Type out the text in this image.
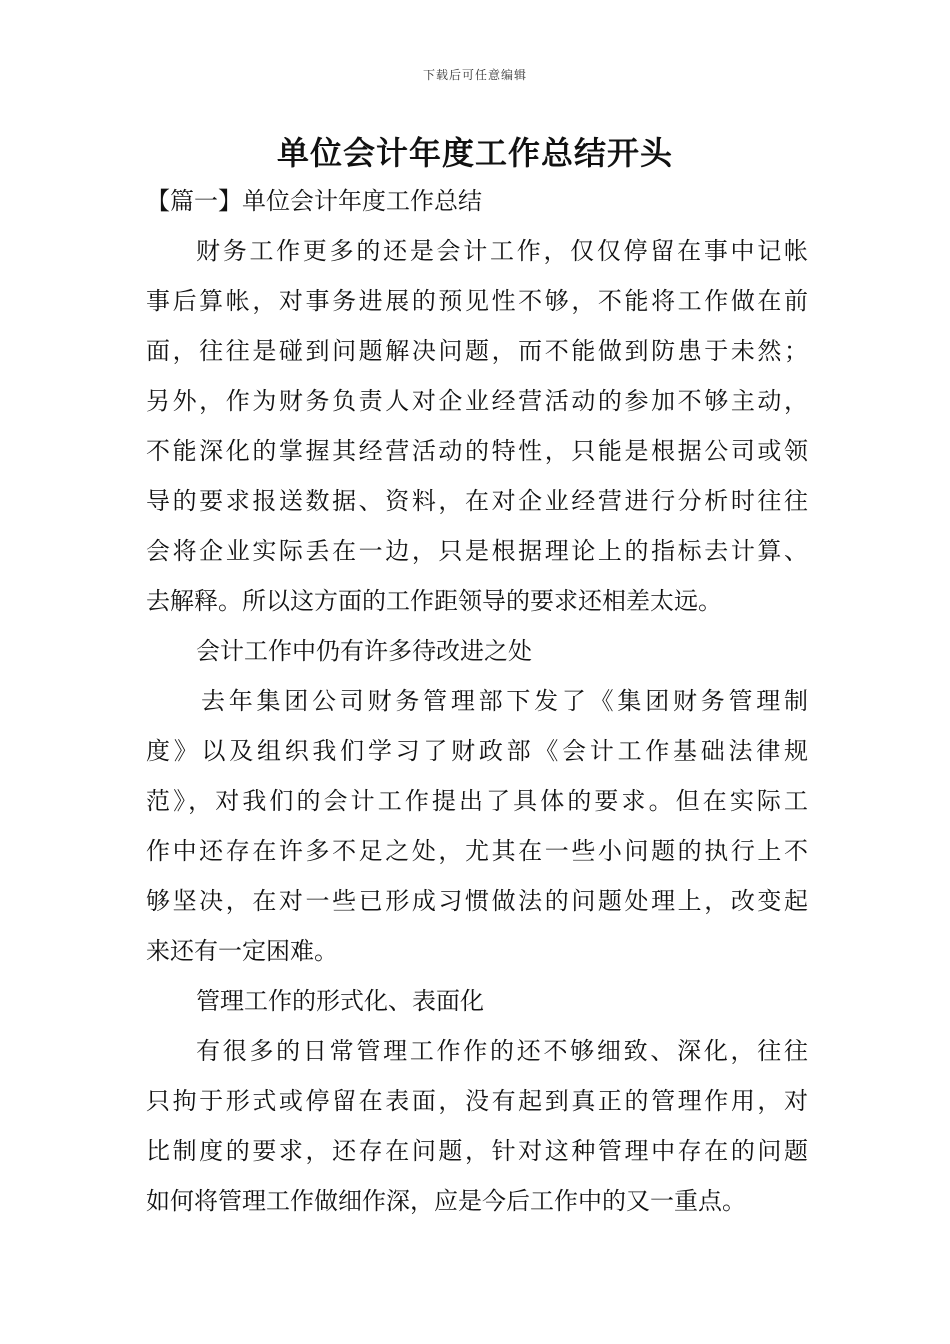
下载后可任意编辑
单位会计年度工作总结开头
【篇一】单位会计年度工作总结
财务工作更多的还是会计工作，仅仅停留在事中记帐
事后算帐，对事务进展的预见性不够，不能将工作做在前
面，往往是碰到问题解决问题，而不能做到防患于未然；
另外，作为财务负责人对企业经营活动的参加不够主动，
不能深化的掌握其经营活动的特性，只能是根据公司或领
导的要求报送数据、资料，在对企业经营进行分析时往往
会将企业实际丢在一边，只是根据理论上的指标去计算、
去解释。所以这方面的工作距领导的要求还相差太远。
会计工作中仍有许多待改进之处
去年集团公司财务管理部下发了《集团财务管理制
度》以及组织我们学习了财政部《会计工作基础法律规
范》，对我们的会计工作提出了具体的要求。但在实际工
作中还存在许多不足之处，尤其在一些小问题的执行上不
够坚决，在对一些已形成习惯做法的问题处理上，改变起
来还有一定困难。
管理工作的形式化、表面化
有很多的日常管理工作作的还不够细致、深化，往往
只拘于形式或停留在表面，没有起到真正的管理作用，对
比制度的要求，还存在问题，针对这种管理中存在的问题
如何将管理工作做细作深，应是今后工作中的又一重点。
